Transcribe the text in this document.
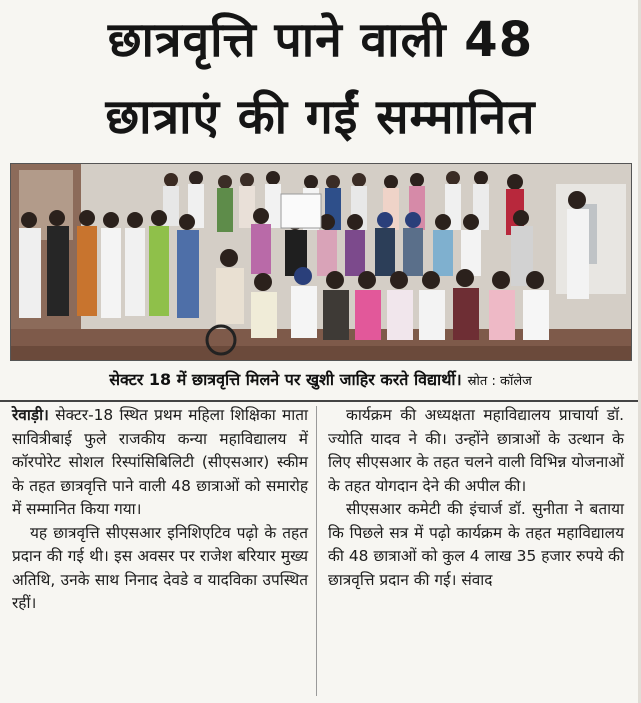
छात्रवृत्ति पाने वाली 48
छात्राएं की गईं सम्मानित
सेक्टर 18 में छात्रवृत्ति मिलने पर खुशी जाहिर करते विद्यार्थी। स्रोत : कॉलेज

रेवाड़ी। सेक्टर-18 स्थित प्रथम महिला शिक्षिका माता सावित्रीबाई फुले राजकीय कन्या महाविद्यालय में कॉरपोरेट सोशल रिस्पांसिबिलिटी (सीएसआर) स्कीम के तहत छात्रवृत्ति पाने वाली 48 छात्राओं को समारोह में सम्मानित किया गया।

यह छात्रवृत्ति सीएसआर इनिशिएटिव पढ़ो के तहत प्रदान की गई थी। इस अवसर पर राजेश बरियार मुख्य अतिथि, उनके साथ निनाद देवडे व यादविका उपस्थित रहीं।

कार्यक्रम की अध्यक्षता महाविद्यालय प्राचार्या डॉ. ज्योति यादव ने की। उन्होंने छात्राओं के उत्थान के लिए सीएसआर के तहत चलने वाली विभिन्न योजनाओं के तहत योगदान देने की अपील की।

सीएसआर कमेटी की इंचार्ज डॉ. सुनीता ने बताया कि पिछले सत्र में पढ़ो कार्यक्रम के तहत महाविद्यालय की 48 छात्राओं को कुल 4 लाख 35 हजार रुपये की छात्रवृत्ति प्रदान की गई। संवाद
